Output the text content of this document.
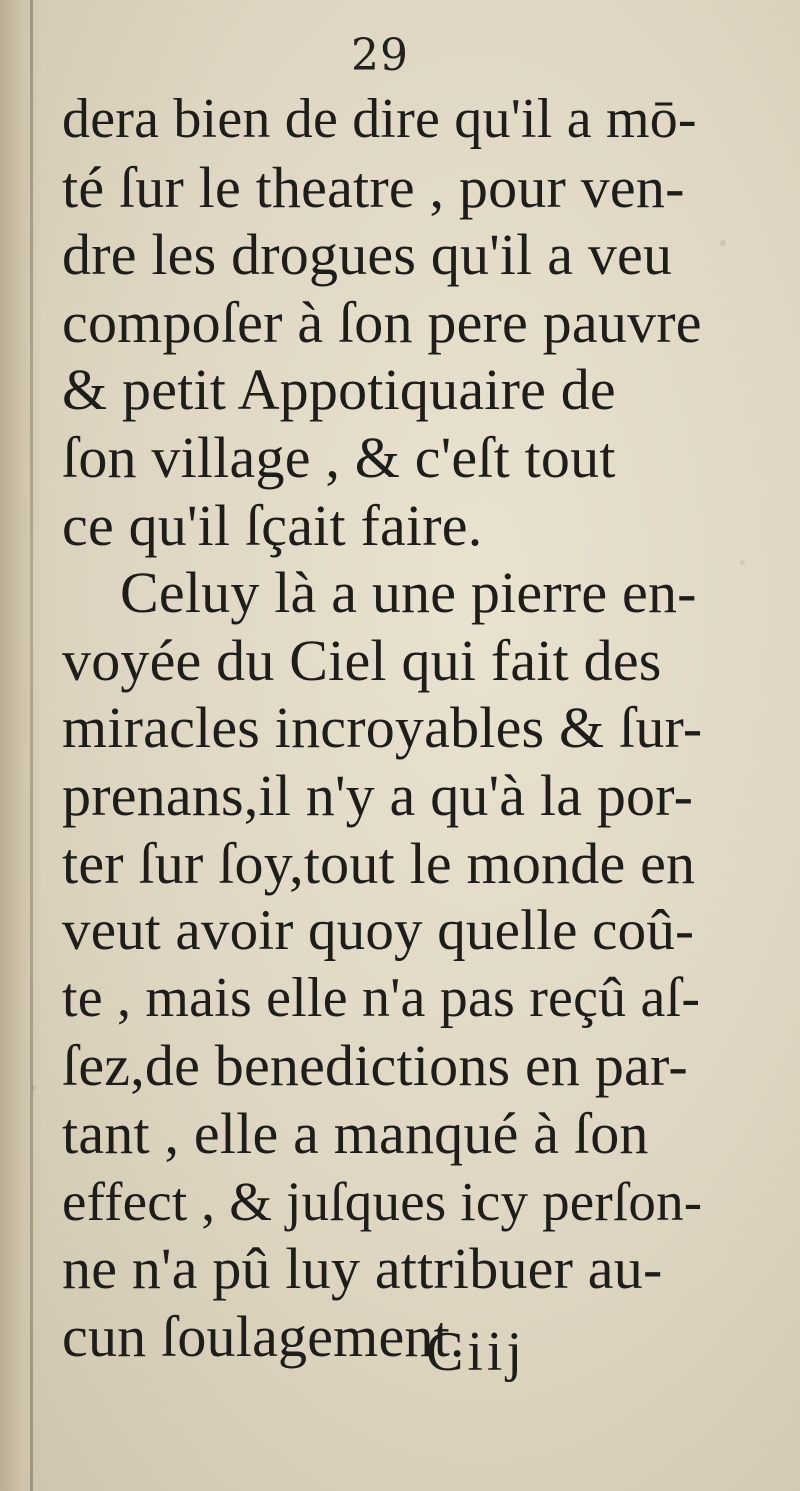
29
dera bien de dire qu'il a mō-
té ſur le theatre , pour ven-
dre les drogues qu'il a veu
compoſer à ſon pere pauvre
& petit Appotiquaire de
ſon village , & c'eſt tout
ce qu'il ſçait faire.
Celuy là a une pierre en-
voyée du Ciel qui fait des
miracles incroyables & ſur-
prenans,il n'y a qu'à la por-
ter ſur ſoy,tout le monde en
veut avoir quoy quelle coû-
te , mais elle n'a pas reçû aſ-
ſez,de benedictions en par-
tant , elle a manqué à ſon
effect , & juſques icy perſon-
ne n'a pû luy attribuer au-
cun ſoulagement.
Ciij
